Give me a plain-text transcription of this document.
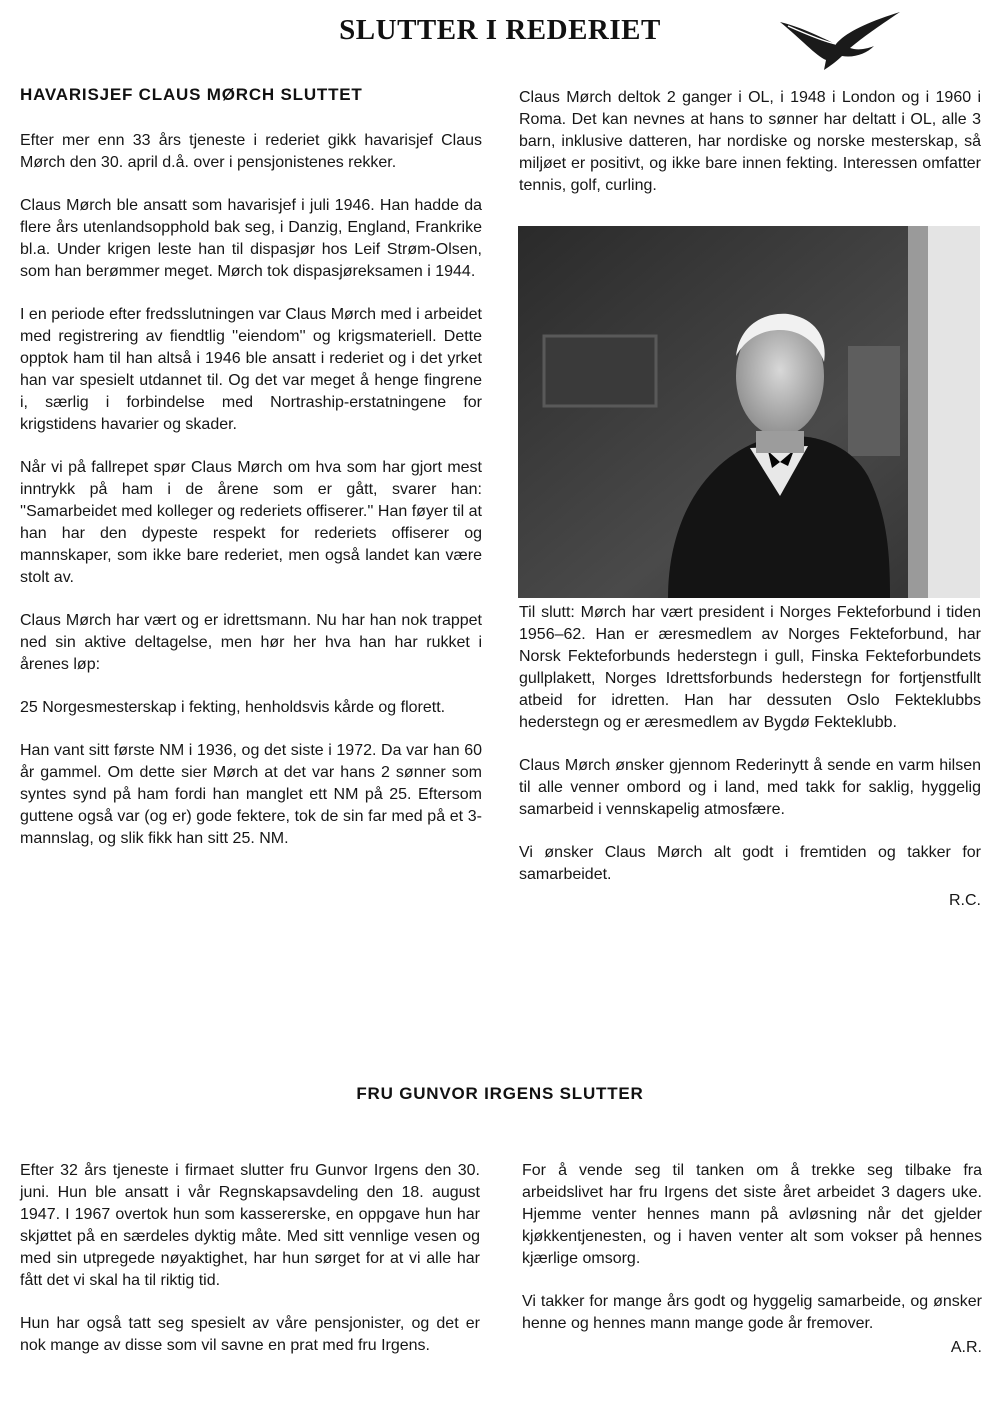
SLUTTER I REDERIET
HAVARISJEF CLAUS MØRCH SLUTTET

Efter mer enn 33 års tjeneste i rederiet gikk havarisjef Claus Mørch den 30. april d.å. over i pensjonistenes rekker.

Claus Mørch ble ansatt som havarisjef i juli 1946. Han hadde da flere års utenlandsopphold bak seg, i Danzig, England, Frankrike bl.a. Under krigen leste han til dispasjør hos Leif Strøm-Olsen, som han berømmer meget. Mørch tok dispasjøreksamen i 1944.

I en periode efter fredsslutningen var Claus Mørch med i arbeidet med registrering av fiendtlig ''eiendom'' og krigsmateriell. Dette opptok ham til han altså i 1946 ble ansatt i rederiet og i det yrket han var spesielt utdannet til. Og det var meget å henge fingrene i, særlig i forbindelse med Nortraship-erstatningene for krigstidens havarier og skader.

Når vi på fallrepet spør Claus Mørch om hva som har gjort mest inntrykk på ham i de årene som er gått, svarer han: ''Samarbeidet med kolleger og rederiets offiserer.'' Han føyer til at han har den dypeste respekt for rederiets offiserer og mannskaper, som ikke bare rederiet, men også landet kan være stolt av.

Claus Mørch har vært og er idrettsmann. Nu har han nok trappet ned sin aktive deltagelse, men hør her hva han har rukket i årenes løp:

25 Norgesmesterskap i fekting, henholdsvis kårde og florett.

Han vant sitt første NM i 1936, og det siste i 1972. Da var han 60 år gammel. Om dette sier Mørch at det var hans 2 sønner som syntes synd på ham fordi han manglet ett NM på 25. Eftersom guttene også var (og er) gode fektere, tok de sin far med på et 3-mannslag, og slik fikk han sitt 25. NM.

Claus Mørch deltok 2 ganger i OL, i 1948 i London og i 1960 i Roma. Det kan nevnes at hans to sønner har deltatt i OL, alle 3 barn, inklusive datteren, har nordiske og norske mesterskap, så miljøet er positivt, og ikke bare innen fekting. Interessen omfatter tennis, golf, curling.

Til slutt: Mørch har vært president i Norges Fekteforbund i tiden 1956–62. Han er æresmedlem av Norges Fekteforbund, har Norsk Fekteforbunds hederstegn i gull, Finska Fekteforbundets gullplakett, Norges Idrettsforbunds hederstegn for fortjenstfullt atbeid for idretten. Han har dessuten Oslo Fekteklubbs hederstegn og er æresmedlem av Bygdø Fekteklubb.

Claus Mørch ønsker gjennom Rederinytt å sende en varm hilsen til alle venner ombord og i land, med takk for saklig, hyggelig samarbeid i vennskapelig atmosfære.

Vi ønsker Claus Mørch alt godt i fremtiden og takker for samarbeidet.

R.C.
FRU GUNVOR IRGENS SLUTTER

Efter 32 års tjeneste i firmaet slutter fru Gunvor Irgens den 30. juni. Hun ble ansatt i vår Regnskapsavdeling den 18. august 1947. I 1967 overtok hun som kassererske, en oppgave hun har skjøttet på en særdeles dyktig måte. Med sitt vennlige vesen og med sin utpregede nøyaktighet, har hun sørget for at vi alle har fått det vi skal ha til riktig tid.

Hun har også tatt seg spesielt av våre pensjonister, og det er nok mange av disse som vil savne en prat med fru Irgens.

For å vende seg til tanken om å trekke seg tilbake fra arbeidslivet har fru Irgens det siste året arbeidet 3 dagers uke. Hjemme venter hennes mann på avløsning når det gjelder kjøkkentjenesten, og i haven venter alt som vokser på hennes kjærlige omsorg.

Vi takker for mange års godt og hyggelig samarbeide, og ønsker henne og hennes mann mange gode år fremover.

A.R.
